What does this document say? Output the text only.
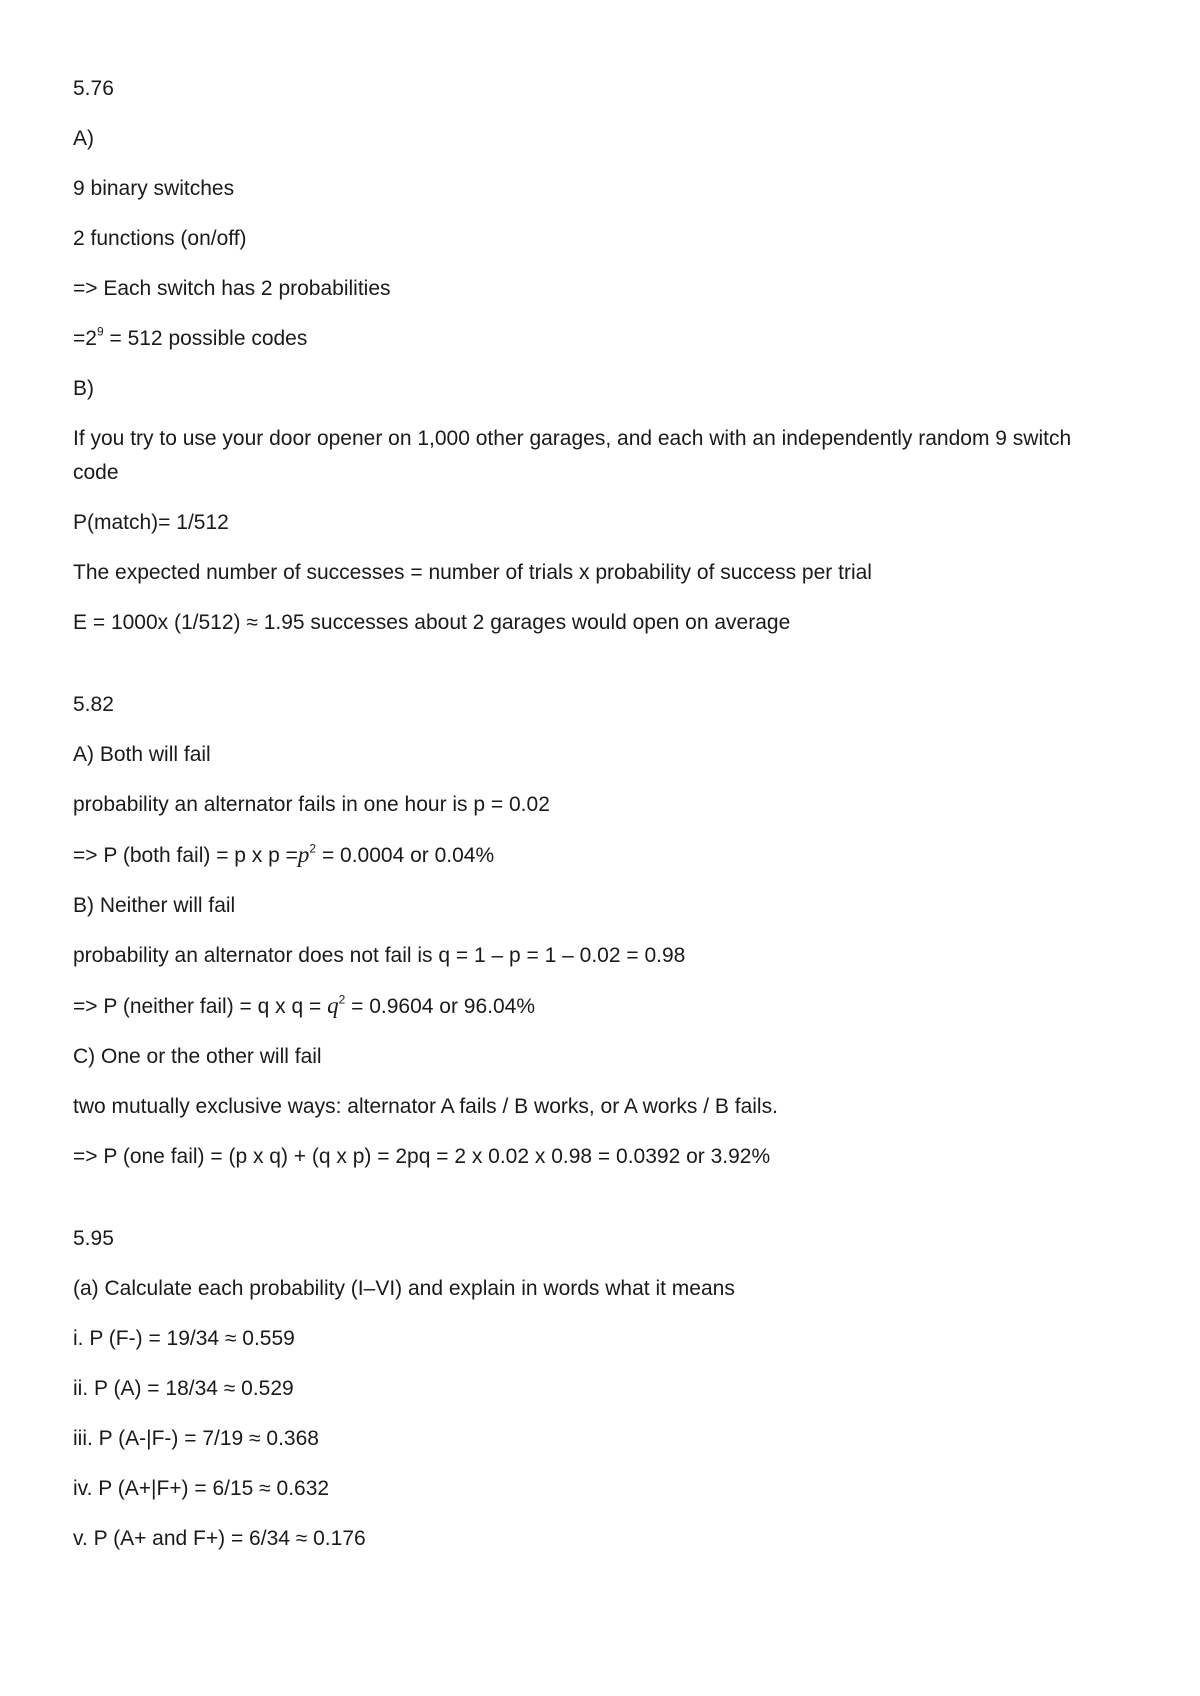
5.76
A)
9 binary switches
2 functions (on/off)
=> Each switch has 2 probabilities
$=2^9 = 512$ possible codes
B)
If you try to use your door opener on 1,000 other garages, and each with an independently random 9 switch code
P(match)= 1/512
The expected number of successes = number of trials x probability of success per trial
E = 1000x (1/512) ≈ 1.95 successes about 2 garages would open on average
5.82
A) Both will fail
probability an alternator fails in one hour is p = 0.02
=> P (both fail) = p x $p =p^2 = 0.0004$ or 0.04%
B) Neither will fail
probability an alternator does not fail is q = 1 – p = 1 – 0.02 = 0.98
=> P (neither fail) = q x $q = q^2 = 0.9604$ or 96.04%
C) One or the other will fail
two mutually exclusive ways: alternator A fails / B works, or A works / B fails.
=> P (one fail) = (p x q) + (q x p) = 2pq = 2 x 0.02 x 0.98 = 0.0392 or 3.92%
5.95
(a) Calculate each probability (I–VI) and explain in words what it means
i. P (F-) = 19/34 ≈ 0.559
ii. P (A) = 18/34 ≈ 0.529
iii. P (A-|F-) = 7/19 ≈ 0.368
iv. P (A+|F+) = 6/15 ≈ 0.632
v. P (A+ and F+) = 6/34 ≈ 0.176
